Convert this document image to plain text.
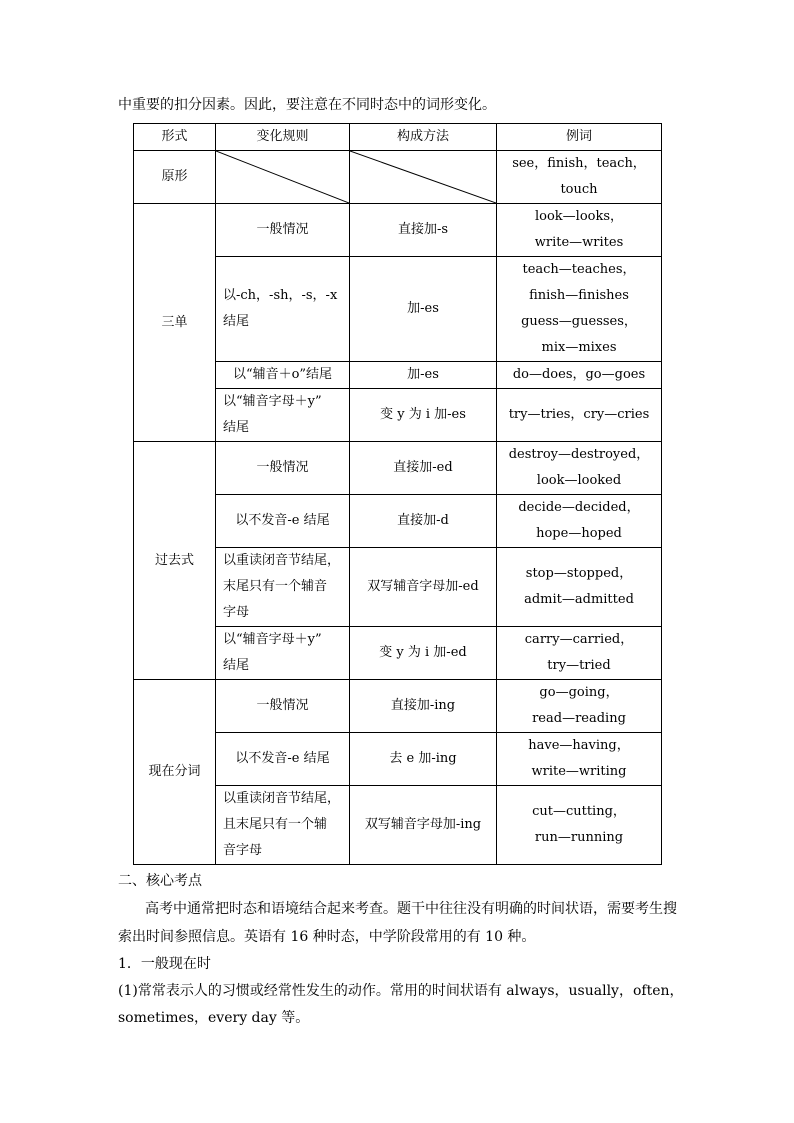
中重要的扣分因素。因此，要注意在不同时态中的词形变化。
形式	变化规则	构成方法	例词
原形			see，finish，teach，touch
三单	一般情况	直接加-s	look—looks，
write—writes

	以-ch，-sh，-s，-x
结尾	加-es	teach—teaches，
finish—finishes
guess—guesses，
mix—mixes

	以“辅音＋o”结尾	加-es	do—does，go—goes

	以“辅音字母＋y”
结尾	变 y 为 i 加-es	try—tries，cry—cries

过去式	一般情况	直接加-ed	destroy—destroyed，
look—looked

	以不发音-e 结尾	直接加-d	decide—decided，
hope—hoped

	以重读闭音节结尾，
末尾只有一个辅音
字母	双写辅音字母加-ed	stop—stopped，
admit—admitted

	以“辅音字母＋y”
结尾	变 y 为 i 加-ed	carry—carried，
try—tried

现在分词	一般情况	直接加-ing	go—going，
read—reading

	以不发音-e 结尾	去 e 加-ing	have—having，
write—writing

	以重读闭音节结尾，
且末尾只有一个辅
音字母	双写辅音字母加-ing	cut—cutting，
run—running
二、核心考点
高考中通常把时态和语境结合起来考查。题干中往往没有明确的时间状语，需要考生搜
索出时间参照信息。英语有 16 种时态，中学阶段常用的有 10 种。
1．一般现在时
(1)常常表示人的习惯或经常性发生的动作。常用的时间状语有 always，usually，often，
sometimes，every day 等。
